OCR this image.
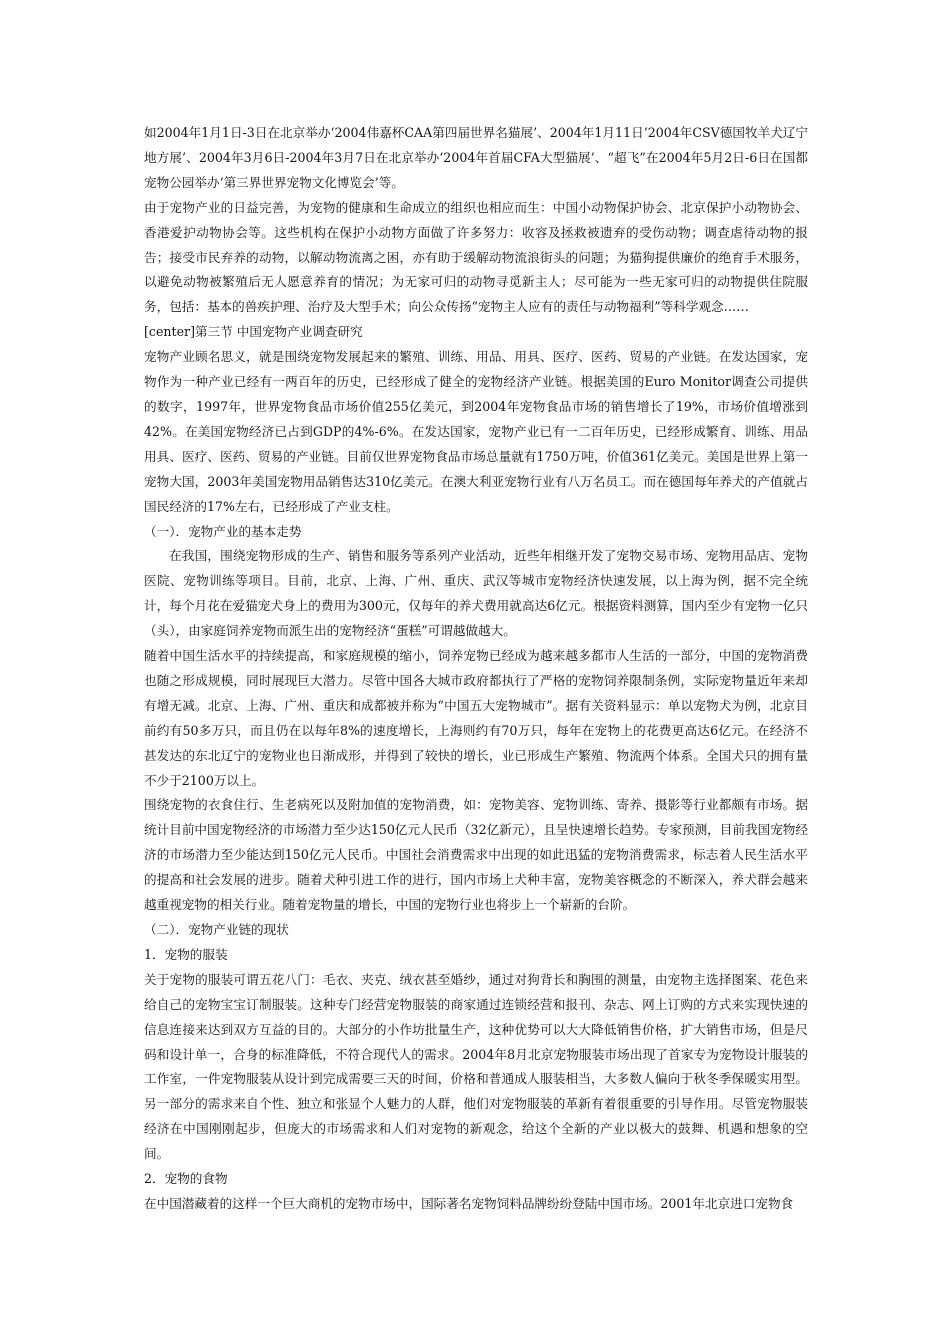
如2004年1月1日-3日在北京举办‘2004伟嘉杯CAA第四届世界名猫展’、2004年1月11日‘2004年CSV德国牧羊犬辽宁地方展’、2004年3月6日-2004年3月7日在北京举办‘2004年首届CFA大型猫展’、“超飞”在2004年5月2日-6日在国都宠物公园举办‘第三界世界宠物文化博览会’等。

由于宠物产业的日益完善，为宠物的健康和生命成立的组织也相应而生：中国小动物保护协会、北京保护小动物协会、香港爱护动物协会等。这些机构在保护小动物方面做了许多努力：收容及拯救被遗弃的受伤动物；调查虐待动物的报告；接受市民弃养的动物，以解动物流离之困，亦有助于缓解动物流浪街头的问题；为猫狗提供廉价的绝育手术服务，以避免动物被繁殖后无人愿意养育的情况；为无家可归的动物寻觅新主人；尽可能为一些无家可归的动物提供住院服务，包括：基本的兽疾护理、治疗及大型手术；向公众传扬“宠物主人应有的责任与动物福利”等科学观念……

[center]第三节 中国宠物产业调查研究

宠物产业顾名思义，就是围绕宠物发展起来的繁殖、训练、用品、用具、医疗、医药、贸易的产业链。在发达国家，宠物作为一种产业已经有一两百年的历史，已经形成了健全的宠物经济产业链。根据美国的Euro Monitor调查公司提供的数字，1997年，世界宠物食品市场价值255亿美元，到2004年宠物食品市场的销售增长了19%，市场价值增涨到42%。在美国宠物经济已占到GDP的4%-6%。在发达国家，宠物产业已有一二百年历史，已经形成繁育、训练、用品用具、医疗、医药、贸易的产业链。目前仅世界宠物食品市场总量就有1750万吨，价值361亿美元。美国是世界上第一宠物大国，2003年美国宠物用品销售达310亿美元。在澳大利亚宠物行业有八万名员工。而在德国每年养犬的产值就占国民经济的17%左右，已经形成了产业支柱。

（一）．宠物产业的基本走势

在我国，围绕宠物形成的生产、销售和服务等系列产业活动，近些年相继开发了宠物交易市场、宠物用品店、宠物医院、宠物训练等项目。目前，北京、上海、广州、重庆、武汉等城市宠物经济快速发展，以上海为例，据不完全统计，每个月花在爱猫宠犬身上的费用为300元，仅每年的养犬费用就高达6亿元。根据资料测算，国内至少有宠物一亿只（头），由家庭饲养宠物而派生出的宠物经济“蛋糕”可谓越做越大。

随着中国生活水平的持续提高，和家庭规模的缩小，饲养宠物已经成为越来越多都市人生活的一部分，中国的宠物消费也随之形成规模，同时展现巨大潜力。尽管中国各大城市政府都执行了严格的宠物饲养限制条例，实际宠物量近年来却有增无减。北京、上海、广州、重庆和成都被并称为“中国五大宠物城市”。据有关资料显示：单以宠物犬为例，北京目前约有50多万只，而且仍在以每年8%的速度增长，上海则约有70万只，每年在宠物上的花费更高达6亿元。在经济不甚发达的东北辽宁的宠物业也日渐成形，并得到了较快的增长，业已形成生产繁殖、物流两个体系。全国犬只的拥有量不少于2100万以上。

围绕宠物的衣食住行、生老病死以及附加值的宠物消费，如：宠物美容、宠物训练、寄养、摄影等行业都颇有市场。据统计目前中国宠物经济的市场潜力至少达150亿元人民币（32亿新元），且呈快速增长趋势。专家预测，目前我国宠物经济的市场潜力至少能达到150亿元人民币。中国社会消费需求中出现的如此迅猛的宠物消费需求，标志着人民生活水平的提高和社会发展的进步。随着犬种引进工作的进行，国内市场上犬种丰富，宠物美容概念的不断深入，养犬群会越来越重视宠物的相关行业。随着宠物量的增长，中国的宠物行业也将步上一个崭新的台阶。

（二）．宠物产业链的现状

1．宠物的服装

关于宠物的服装可谓五花八门：毛衣、夹克、绒衣甚至婚纱，通过对狗背长和胸围的测量，由宠物主选择图案、花色来给自己的宠物宝宝订制服装。这种专门经营宠物服装的商家通过连锁经营和报刊、杂志、网上订购的方式来实现快速的信息连接来达到双方互益的目的。大部分的小作坊批量生产，这种优势可以大大降低销售价格，扩大销售市场，但是尺码和设计单一，合身的标准降低，不符合现代人的需求。2004年8月北京宠物服装市场出现了首家专为宠物设计服装的工作室，一件宠物服装从设计到完成需要三天的时间，价格和普通成人服装相当，大多数人偏向于秋冬季保暖实用型。另一部分的需求来自个性、独立和张显个人魅力的人群，他们对宠物服装的革新有着很重要的引导作用。尽管宠物服装经济在中国刚刚起步，但庞大的市场需求和人们对宠物的新观念，给这个全新的产业以极大的鼓舞、机遇和想象的空间。

2．宠物的食物

在中国潜藏着的这样一个巨大商机的宠物市场中，国际著名宠物饲料品牌纷纷登陆中国市场。2001年北京进口宠物食
